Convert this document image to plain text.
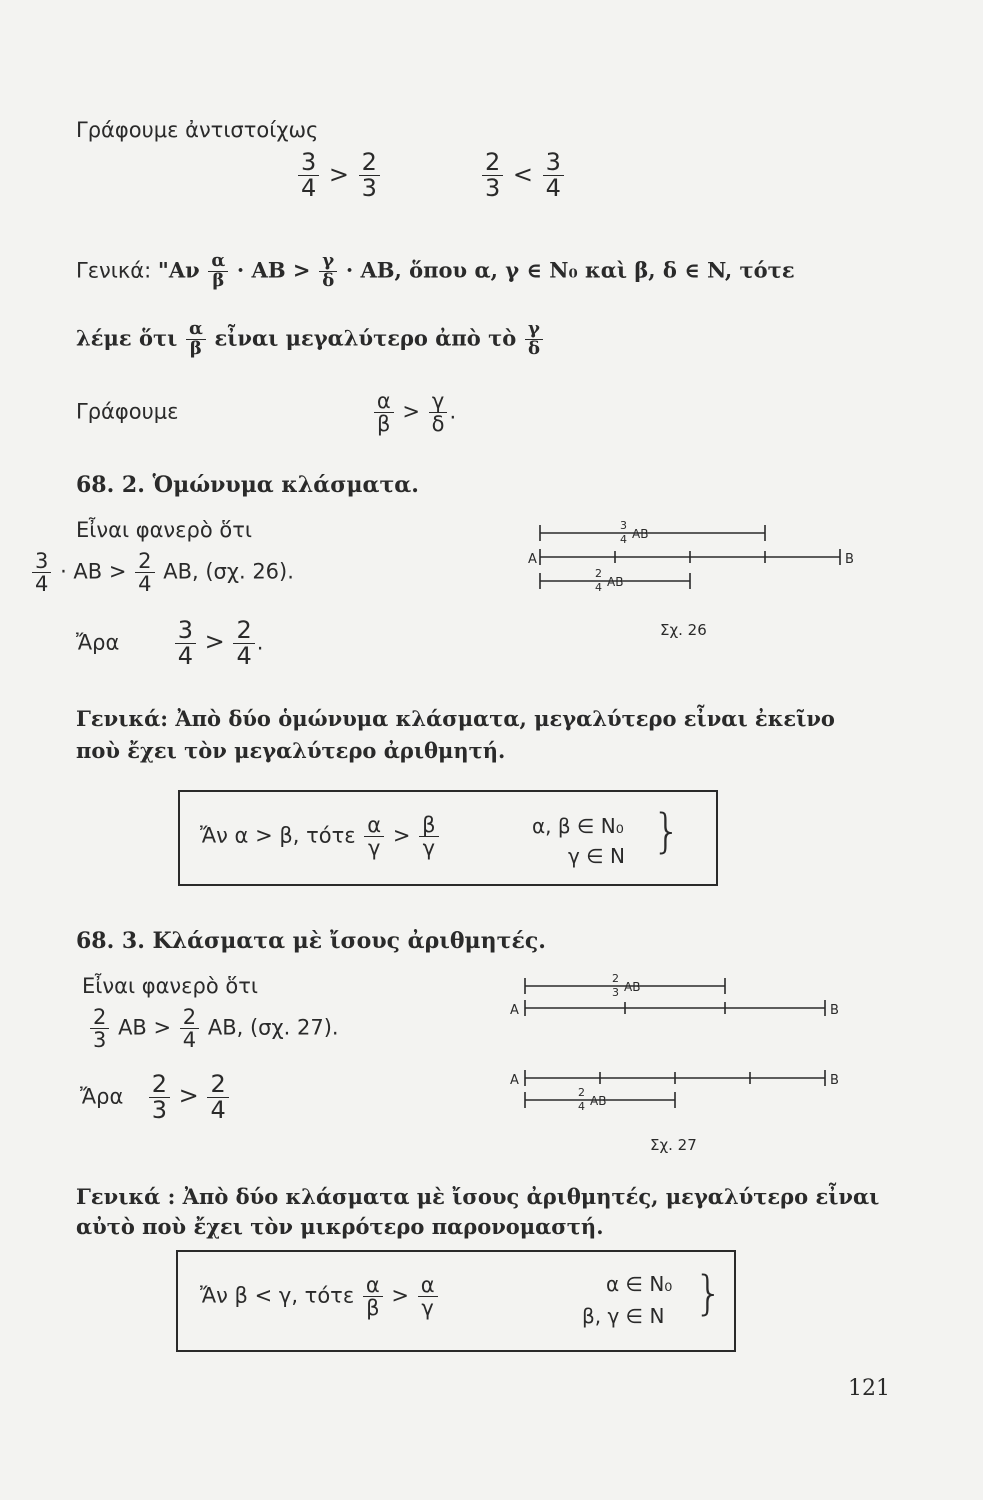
Γράφουμε ἀντιστοίχως
$\frac{3}{4} > \frac{2}{3}$	$\frac{2}{3} < \frac{3}{4}$
Γενικά: "$A\nu \frac{\alpha}{\beta}$ · AB > $\frac{\gamma}{\delta}$ · AB, ὅπου α, γ ∈ N₀ καὶ β, δ ∈ N, τότε
λέμε ὅτι $\frac{\alpha}{\beta}$ εἶναι μεγαλύτερο ἀπὸ τὸ $\frac{\gamma}{\delta}$
Γράφουμε	$\frac{\alpha}{\beta} > \frac{\gamma}{\delta}$ .
68. 2. Ὁμώνυμα κλάσματα.
Εἶναι φανερὸ ὅτι
$\frac{3}{4}$ · AB > $\frac{2}{4}$ AB, (σχ. 26).
Ἄρα $\frac{3}{4} > \frac{2}{4}$ .
A	B
3
4 AB
2
4 AB
Σχ. 26
Γενικά: Ἀπὸ δύο ὁμώνυμα κλάσματα, μεγαλύτερο εἶναι ἐκεῖνο
ποὺ ἔχει τὸν μεγαλύτερο ἀριθμητή.
Ἄν α > β, τότε $\frac{\alpha}{\gamma} > \frac{\beta}{\gamma}$	α, β ∈ N₀
γ ∈ N }
68. 3. Κλάσματα μὲ ἴσους ἀριθμητές.
Εἶναι φανερὸ ὅτι
$\frac{2}{3}$ AB > $\frac{2}{4}$ AB, (σχ. 27).
Ἄρα $\frac{2}{3} > \frac{2}{4}$
A	B
A	B
2
3 AB
2
4 AB
Σχ. 27
Γενικά : Ἀπὸ δύο κλάσματα μὲ ἴσους ἀριθμητές, μεγαλύτερο εἶναι
αὐτὸ ποὺ ἔχει τὸν μικρότερο παρονομαστή.
Ἄν β < γ, τότε $\frac{\alpha}{\beta} > \frac{\alpha}{\gamma}$	α ∈ N₀
β, γ ∈ N }
121
